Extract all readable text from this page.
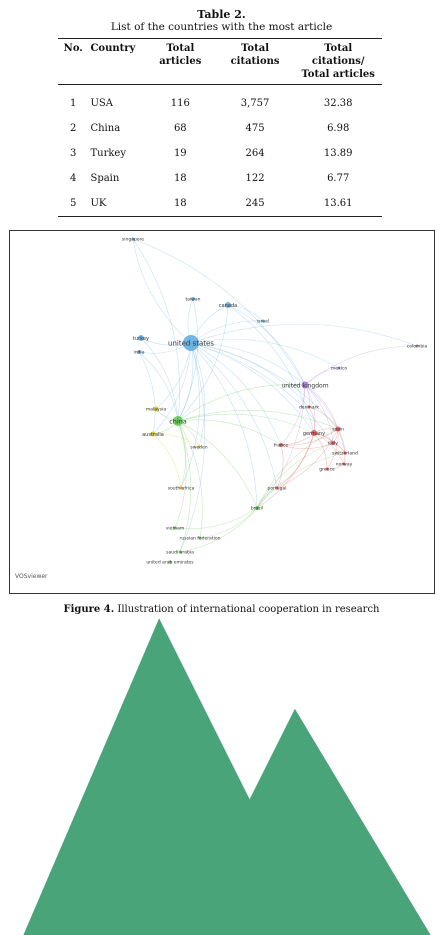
Table 2.
List of the countries with the most article
No.	Country	Total articles	Total citations	Total citations/ Total articles
1	USA	116	3,757	32.38
2	China	68	475	6.98
3	Turkey	19	264	13.89
4	Spain	18	122	6.77
5	UK	18	245	13.61
singapore
taiwan
canada
israel
turkey
india
united states	colombia
mexico
united kingdom
denmark
malaysia
australia
china
sweden
germany
spain
france	italy
switzerland
norway
greece
portugal
south africa
brazil
vietnam
russian federation
saudi arabia
united arab emirates
VOSviewer
Figure 4. Illustration of international cooperation in research
